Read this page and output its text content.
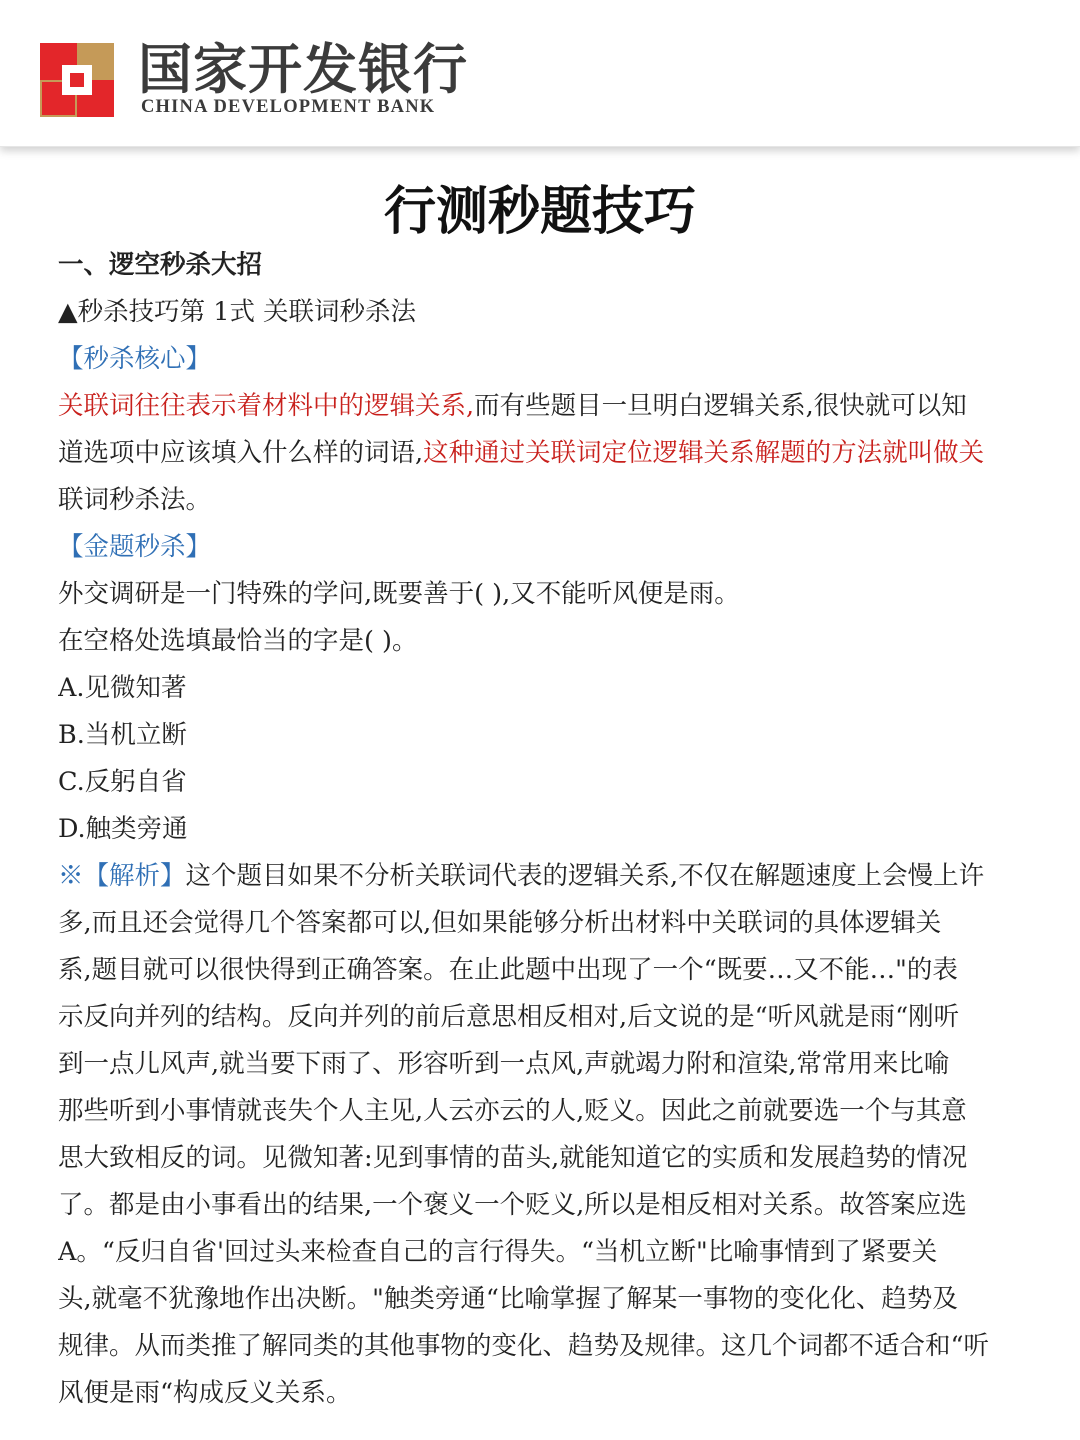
国家开发银行
CHINA DEVELOPMENT BANK
行测秒题技巧
一、逻空秒杀大招
▲秒杀技巧第 1式 关联词秒杀法
【秒杀核心】
关联词往往表示着材料中的逻辑关系,而有些题目一旦明白逻辑关系,很快就可以知
道选项中应该填入什么样的词语,这种通过关联词定位逻辑关系解题的方法就叫做关
联词秒杀法。
【金题秒杀】
外交调研是一门特殊的学问,既要善于( ),又不能听风便是雨。
在空格处选填最恰当的字是( )。
A.见微知著
B.当机立断
C.反躬自省
D.触类旁通
※【解析】这个题目如果不分析关联词代表的逻辑关系,不仅在解题速度上会慢上许
多,而且还会觉得几个答案都可以,但如果能够分析出材料中关联词的具体逻辑关
系,题目就可以很快得到正确答案。在止此题中出现了一个“既要…又不能…"的表
示反向并列的结构。反向并列的前后意思相反相对,后文说的是“听风就是雨“刚听
到一点儿风声,就当要下雨了、形容听到一点风,声就竭力附和渲染,常常用来比喻
那些听到小事情就丧失个人主见,人云亦云的人,贬义。因此之前就要选一个与其意
思大致相反的词。见微知著:见到事情的苗头,就能知道它的实质和发展趋势的情况
了。都是由小事看出的结果,一个褒义一个贬义,所以是相反相对关系。故答案应选
A。“反归自省'回过头来检查自己的言行得失。“当机立断"比喻事情到了紧要关
头,就毫不犹豫地作出决断。"触类旁通“比喻掌握了解某一事物的变化化、趋势及
规律。从而类推了解同类的其他事物的变化、趋势及规律。这几个词都不适合和“听
风便是雨“构成反义关系。
